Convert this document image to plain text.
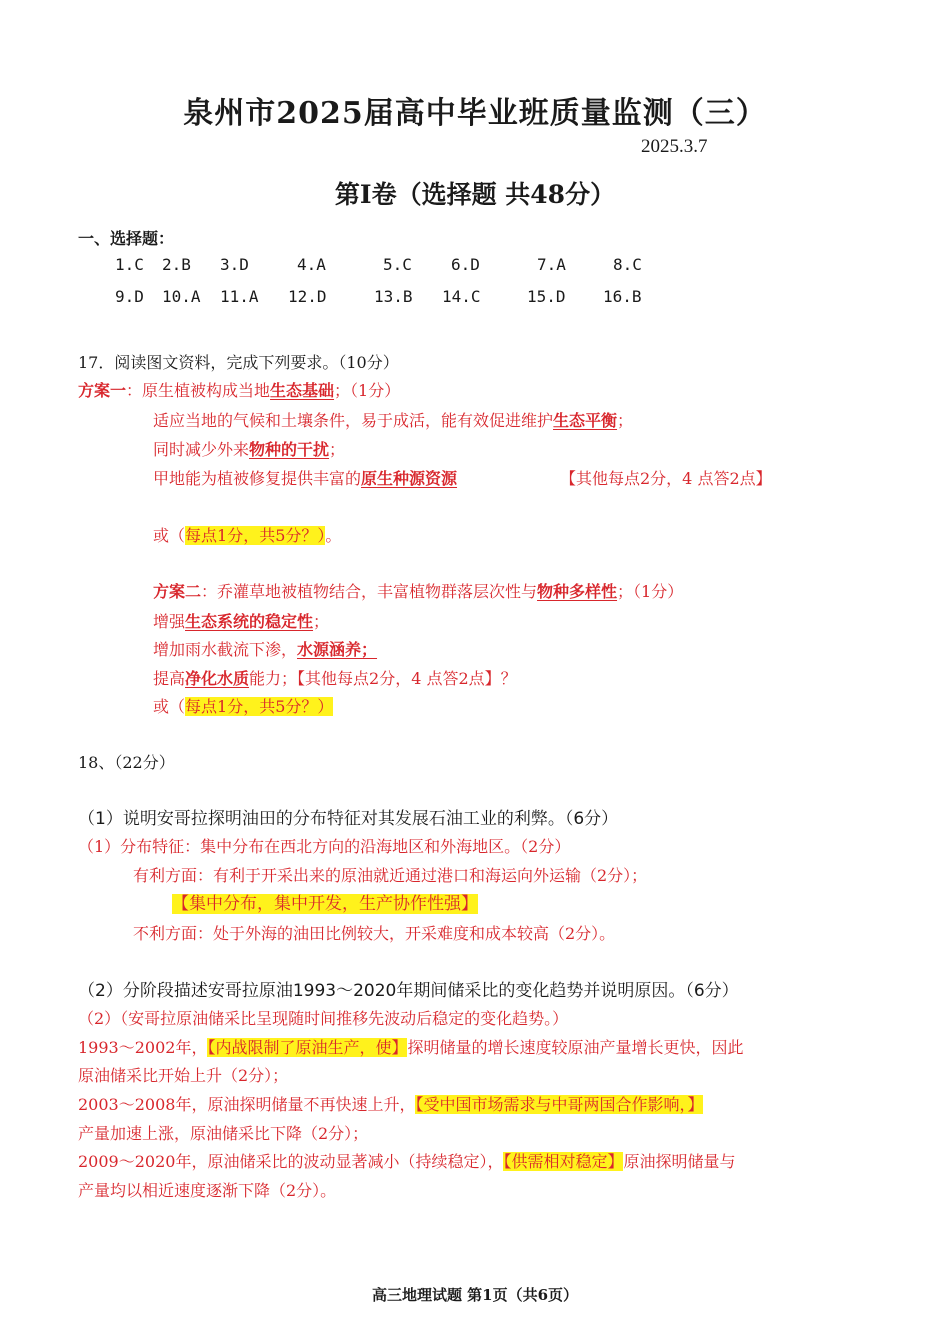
泉州市2025届高中毕业班质量监测（三）
2025.3.7
第Ⅰ卷（选择题 共48分）
一、选择题：
1.C 2.B 3.D	4.A	5.C 6.D	7.A	8.C
9.D 10.A 11.A 12.D	13.B 14.C	15.D 16.B
17．阅读图文资料，完成下列要求。（10分）
方案一：原生植被构成当地生态基础；（1分）
适应当地的气候和土壤条件，易于成活，能有效促进维护生态平衡；
同时减少外来物种的干扰；
甲地能为植被修复提供丰富的原生种源资源	【其他每点2分，4 点答2点】
或（每点1分，共5分？）。
方案二：乔灌草地被植物结合，丰富植物群落层次性与物种多样性；（1分）
增强生态系统的稳定性；
增加雨水截流下渗，水源涵养；
提高净化水质能力；【其他每点2分，4 点答2点】？
或（每点1分，共5分？）
18、（22分）
（1）说明安哥拉探明油田的分布特征对其发展石油工业的利弊。（6分）
（1）分布特征：集中分布在西北方向的沿海地区和外海地区。（2分）
有利方面：有利于开采出来的原油就近通过港口和海运向外运输（2分）；
【集中分布，集中开发，生产协作性强】
不利方面：处于外海的油田比例较大，开采难度和成本较高（2分）。
（2）分阶段描述安哥拉原油1993～2020年期间储采比的变化趋势并说明原因。（6分）
（2）（安哥拉原油储采比呈现随时间推移先波动后稳定的变化趋势。）
1993～2002年，【内战限制了原油生产，使】探明储量的增长速度较原油产量增长更快，因此
原油储采比开始上升（2分）；
2003～2008年，原油探明储量不再快速上升，【受中国市场需求与中哥两国合作影响，】
产量加速上涨，原油储采比下降（2分）；
2009～2020年，原油储采比的波动显著减小（持续稳定），【供需相对稳定】原油探明储量与
产量均以相近速度逐渐下降（2分）。
高三地理试题 第1页（共6页）
